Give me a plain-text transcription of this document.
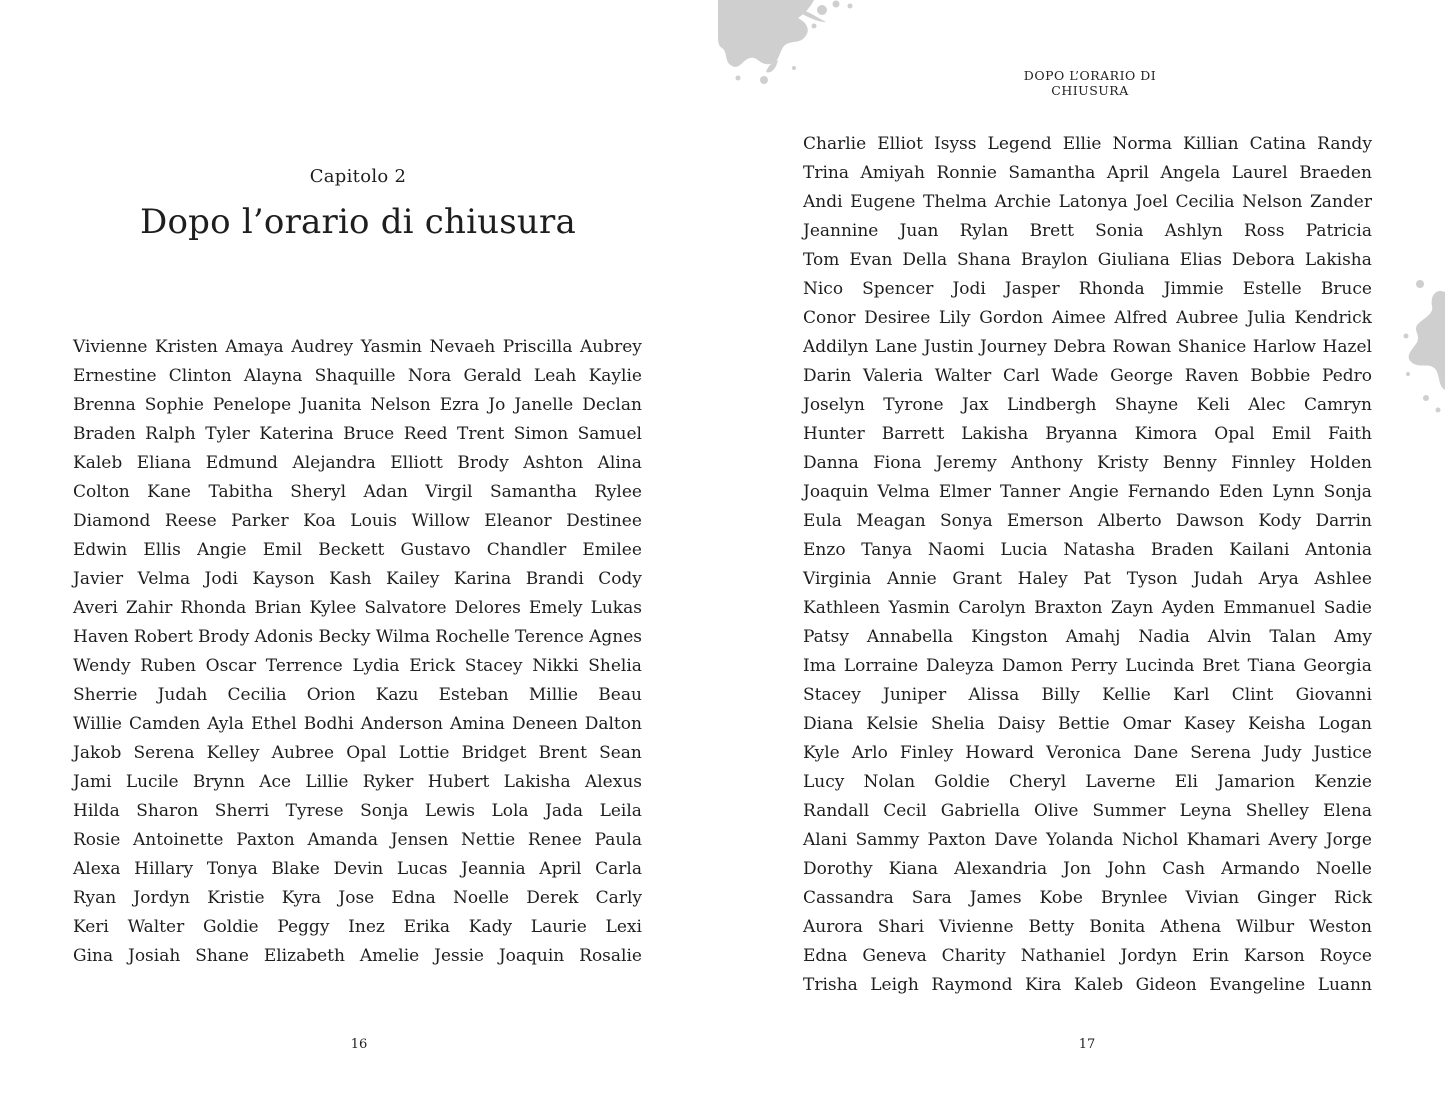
Capitolo 2
Dopo l’orario di chiusura
Vivienne Kristen Amaya Audrey Yasmin Nevaeh Priscilla Aubrey
Ernestine Clinton Alayna Shaquille Nora Gerald Leah Kaylie
Brenna Sophie Penelope Juanita Nelson Ezra Jo Janelle Declan
Braden Ralph Tyler Katerina Bruce Reed Trent Simon Samuel
Kaleb Eliana Edmund Alejandra Elliott Brody Ashton Alina
Colton Kane Tabitha Sheryl Adan Virgil Samantha Rylee
Diamond Reese Parker Koa Louis Willow Eleanor Destinee
Edwin Ellis Angie Emil Beckett Gustavo Chandler Emilee
Javier Velma Jodi Kayson Kash Kailey Karina Brandi Cody
Averi Zahir Rhonda Brian Kylee Salvatore Delores Emely Lukas
Haven Robert Brody Adonis Becky Wilma Rochelle Terence Agnes
Wendy Ruben Oscar Terrence Lydia Erick Stacey Nikki Shelia
Sherrie Judah Cecilia Orion Kazu Esteban Millie Beau
Willie Camden Ayla Ethel Bodhi Anderson Amina Deneen Dalton
Jakob Serena Kelley Aubree Opal Lottie Bridget Brent Sean
Jami Lucile Brynn Ace Lillie Ryker Hubert Lakisha Alexus
Hilda Sharon Sherri Tyrese Sonja Lewis Lola Jada Leila
Rosie Antoinette Paxton Amanda Jensen Nettie Renee Paula
Alexa Hillary Tonya Blake Devin Lucas Jeannia April Carla
Ryan Jordyn Kristie Kyra Jose Edna Noelle Derek Carly
Keri Walter Goldie Peggy Inez Erika Kady Laurie Lexi
Gina Josiah Shane Elizabeth Amelie Jessie Joaquin Rosalie
16
DOPO L’ORARIO DI CHIUSURA
Charlie Elliot Isyss Legend Ellie Norma Killian Catina Randy
Trina Amiyah Ronnie Samantha April Angela Laurel Braeden
Andi Eugene Thelma Archie Latonya Joel Cecilia Nelson Zander
Jeannine Juan Rylan Brett Sonia Ashlyn Ross Patricia
Tom Evan Della Shana Braylon Giuliana Elias Debora Lakisha
Nico Spencer Jodi Jasper Rhonda Jimmie Estelle Bruce
Conor Desiree Lily Gordon Aimee Alfred Aubree Julia Kendrick
Addilyn Lane Justin Journey Debra Rowan Shanice Harlow Hazel
Darin Valeria Walter Carl Wade George Raven Bobbie Pedro
Joselyn Tyrone Jax Lindbergh Shayne Keli Alec Camryn
Hunter Barrett Lakisha Bryanna Kimora Opal Emil Faith
Danna Fiona Jeremy Anthony Kristy Benny Finnley Holden
Joaquin Velma Elmer Tanner Angie Fernando Eden Lynn Sonja
Eula Meagan Sonya Emerson Alberto Dawson Kody Darrin
Enzo Tanya Naomi Lucia Natasha Braden Kailani Antonia
Virginia Annie Grant Haley Pat Tyson Judah Arya Ashlee
Kathleen Yasmin Carolyn Braxton Zayn Ayden Emmanuel Sadie
Patsy Annabella Kingston Amahj Nadia Alvin Talan Amy
Ima Lorraine Daleyza Damon Perry Lucinda Bret Tiana Georgia
Stacey Juniper Alissa Billy Kellie Karl Clint Giovanni
Diana Kelsie Shelia Daisy Bettie Omar Kasey Keisha Logan
Kyle Arlo Finley Howard Veronica Dane Serena Judy Justice
Lucy Nolan Goldie Cheryl Laverne Eli Jamarion Kenzie
Randall Cecil Gabriella Olive Summer Leyna Shelley Elena
Alani Sammy Paxton Dave Yolanda Nichol Khamari Avery Jorge
Dorothy Kiana Alexandria Jon John Cash Armando Noelle
Cassandra Sara James Kobe Brynlee Vivian Ginger Rick
Aurora Shari Vivienne Betty Bonita Athena Wilbur Weston
Edna Geneva Charity Nathaniel Jordyn Erin Karson Royce
Trisha Leigh Raymond Kira Kaleb Gideon Evangeline Luann
17
